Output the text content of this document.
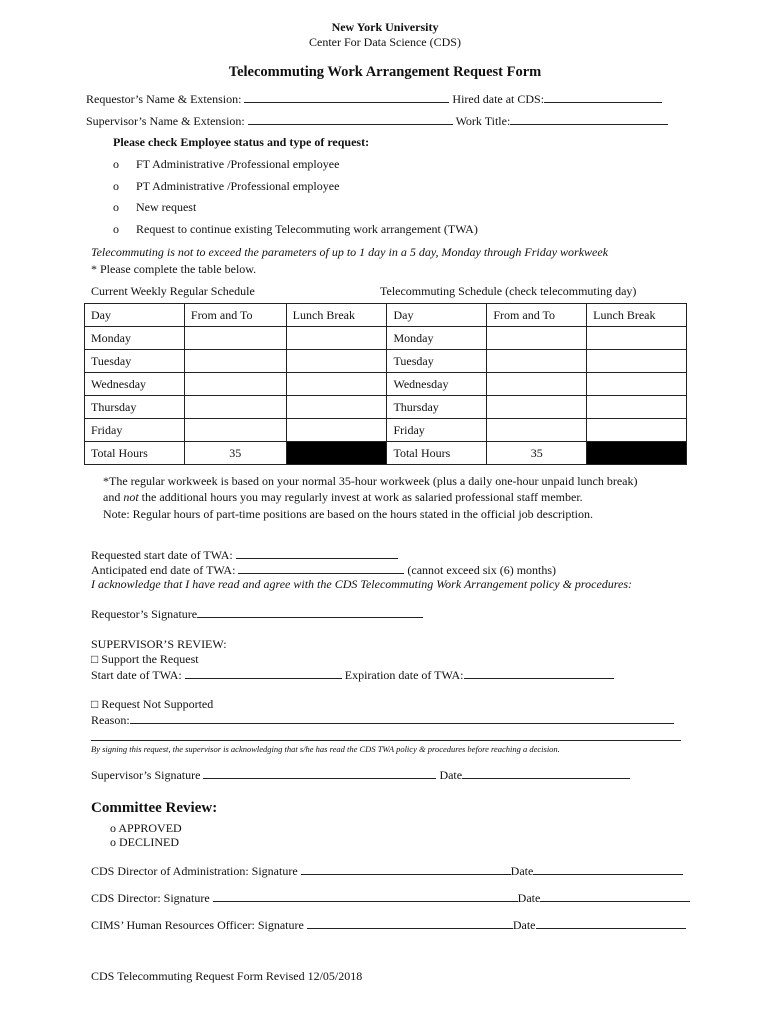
New York University
Center For Data Science (CDS)
Telecommuting Work Arrangement Request Form
Requestor’s Name & Extension:	Hired date at CDS:
Supervisor’s Name & Extension:	Work Title:
Please check Employee status and type of request:
o FT Administrative /Professional employee
o PT Administrative /Professional employee
o New request
o Request to continue existing Telecommuting work arrangement (TWA)
Telecommuting is not to exceed the parameters of up to 1 day in a 5 day, Monday through Friday workweek
* Please complete the table below.
Current Weekly Regular Schedule	Telecommuting Schedule (check telecommuting day)
Day	From and To	Lunch Break	Day	From and To	Lunch Break
Monday			Monday		
Tuesday			Tuesday		
Wednesday			Wednesday		
Thursday			Thursday		
Friday			Friday		
Total Hours	35		Total Hours	35	
*The regular workweek is based on your normal 35-hour workweek (plus a daily one-hour unpaid lunch break)
and not the additional hours you may regularly invest at work as salaried professional staff member.
Note: Regular hours of part-time positions are based on the hours stated in the official job description.
Requested start date of TWA:
Anticipated end date of TWA:	(cannot exceed six (6) months)
I acknowledge that I have read and agree with the CDS Telecommuting Work Arrangement policy & procedures:
Requestor’s Signature
SUPERVISOR’S REVIEW:
□ Support the Request
Start date of TWA:	Expiration date of TWA:
□ Request Not Supported
Reason:
By signing this request, the supervisor is acknowledging that s/he has read the CDS TWA policy & procedures before reaching a decision.
Supervisor’s Signature	Date
Committee Review:
o APPROVED
o DECLINED
CDS Director of Administration: Signature	Date
CDS Director: Signature	Date
CIMS’ Human Resources Officer: Signature	Date
CDS Telecommuting Request Form Revised 12/05/2018
